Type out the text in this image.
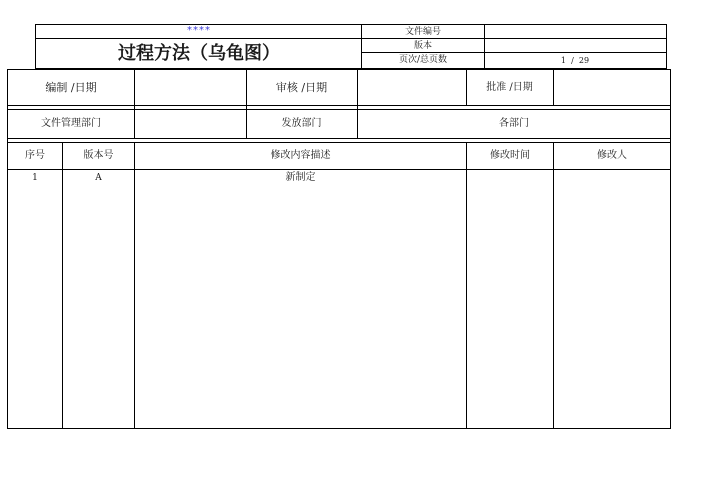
****
过程方法（乌龟图）
文件编号
版本
页次/总页数	1  /  29
编制 /日期	审核 /日期	批准 /日期
文件管理部门	发放部门	各部门
序号	版本号	修改内容描述	修改时间	修改人
1	A	新制定
